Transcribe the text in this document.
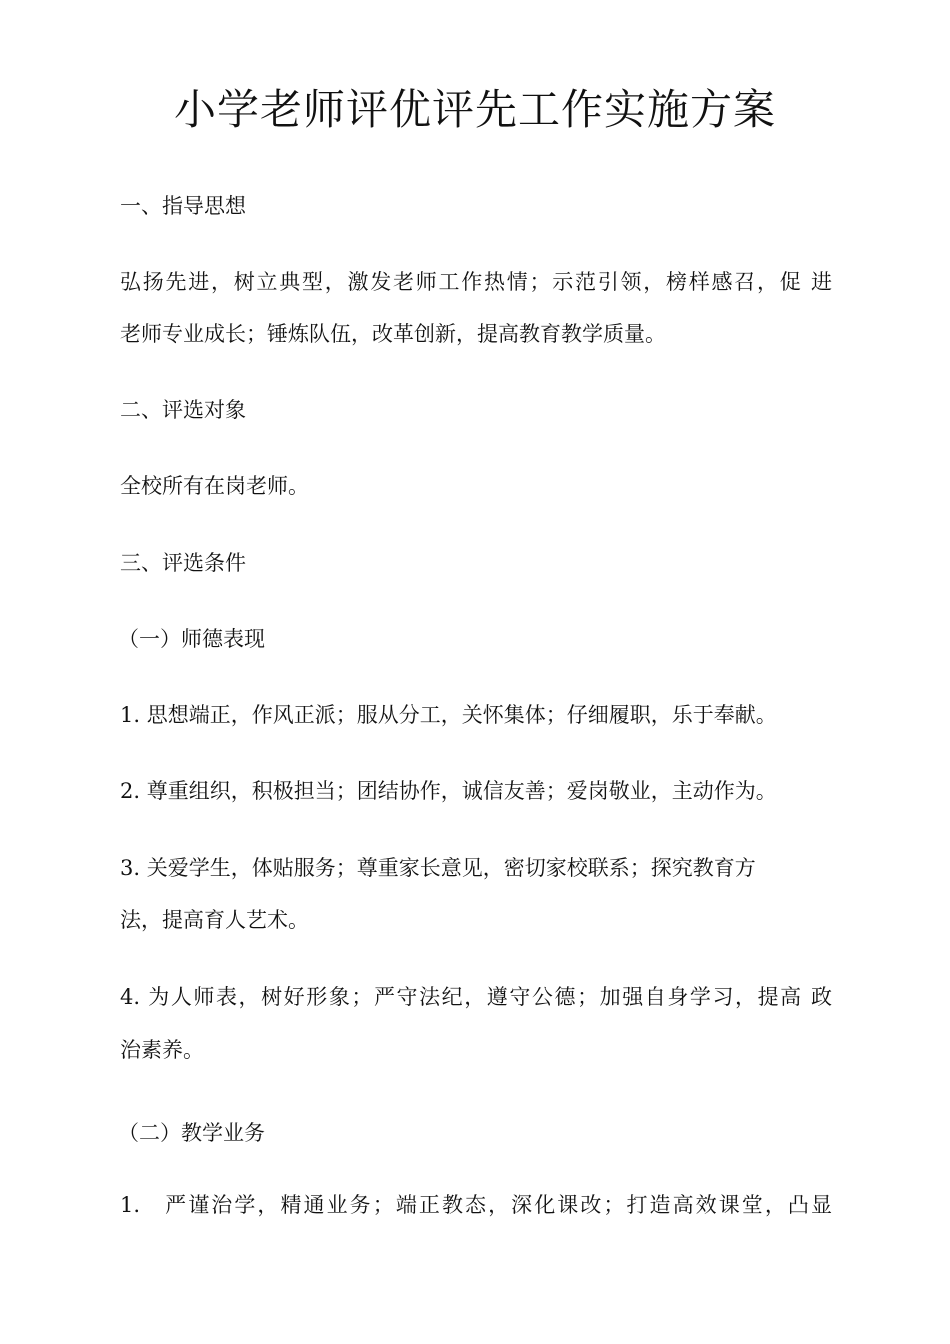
小学老师评优评先工作实施方案

一、指导思想

弘扬先进，树立典型，激发老师工作热情；示范引领，榜样感召，促 进

老师专业成长；锤炼队伍，改革创新，提高教育教学质量。

二、评选对象

全校所有在岗老师。

三、评选条件

（一）师德表现

1. 思想端正，作风正派；服从分工，关怀集体；仔细履职，乐于奉献。

2. 尊重组织，积极担当；团结协作，诚信友善；爱岗敬业，主动作为。

3. 关爱学生，体贴服务；尊重家长意见，密切家校联系；探究教育方

法，提高育人艺术。

4. 为人师表，树好形象；严守法纪，遵守公德；加强自身学习，提高 政

治素养。

（二）教学业务

1.　严谨治学，精通业务；端正教态，深化课改；打造高效课堂，凸显
